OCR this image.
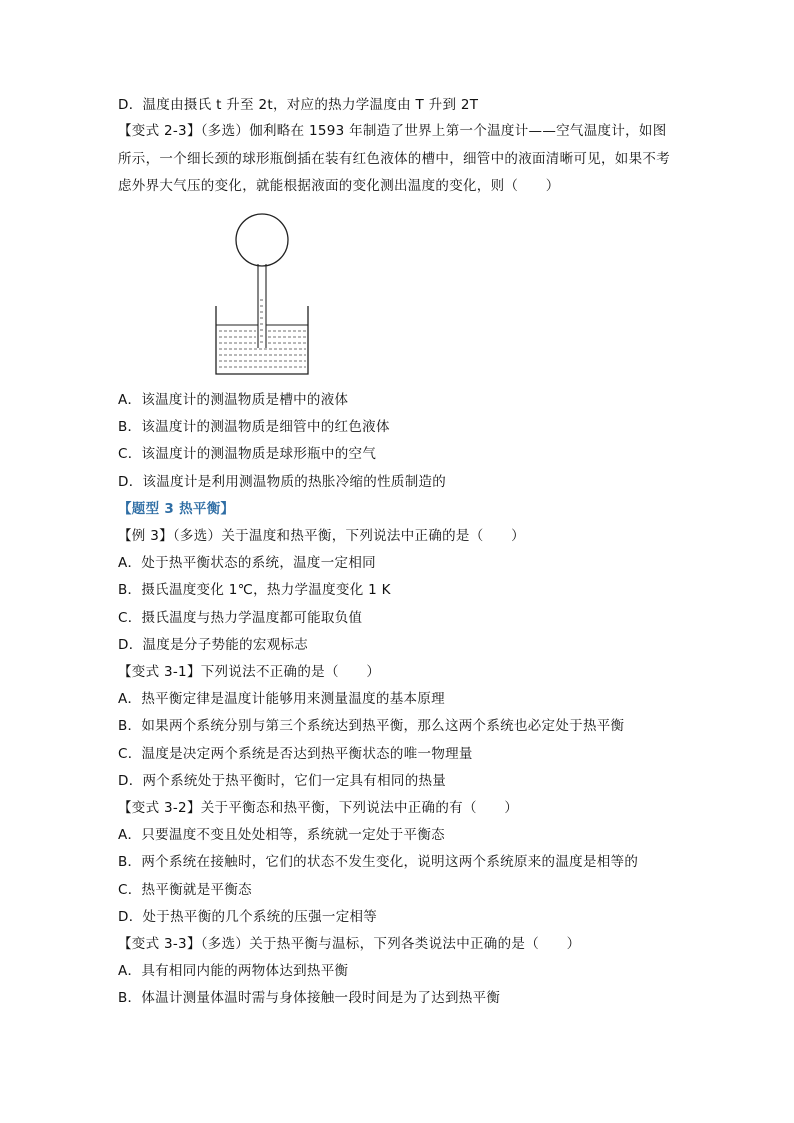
D．温度由摄氏 t 升至 2t，对应的热力学温度由 T 升到 2T
【变式 2-3】（多选）伽利略在 1593 年制造了世界上第一个温度计——空气温度计，如图所示，一个细长颈的球形瓶倒插在装有红色液体的槽中，细管中的液面清晰可见，如果不考虑外界大气压的变化，就能根据液面的变化测出温度的变化，则（　　）
A．该温度计的测温物质是槽中的液体
B．该温度计的测温物质是细管中的红色液体
C．该温度计的测温物质是球形瓶中的空气
D．该温度计是利用测温物质的热胀冷缩的性质制造的
【题型 3 热平衡】
【例 3】（多选）关于温度和热平衡，下列说法中正确的是（　　）
A．处于热平衡状态的系统，温度一定相同
B．摄氏温度变化 1℃，热力学温度变化 1 K
C．摄氏温度与热力学温度都可能取负值
D．温度是分子势能的宏观标志
【变式 3-1】下列说法不正确的是（　　）
A．热平衡定律是温度计能够用来测量温度的基本原理
B．如果两个系统分别与第三个系统达到热平衡，那么这两个系统也必定处于热平衡
C．温度是决定两个系统是否达到热平衡状态的唯一物理量
D．两个系统处于热平衡时，它们一定具有相同的热量
【变式 3-2】关于平衡态和热平衡，下列说法中正确的有（　　）
A．只要温度不变且处处相等，系统就一定处于平衡态
B．两个系统在接触时，它们的状态不发生变化，说明这两个系统原来的温度是相等的
C．热平衡就是平衡态
D．处于热平衡的几个系统的压强一定相等
【变式 3-3】（多选）关于热平衡与温标，下列各类说法中正确的是（　　）
A．具有相同内能的两物体达到热平衡
B．体温计测量体温时需与身体接触一段时间是为了达到热平衡
